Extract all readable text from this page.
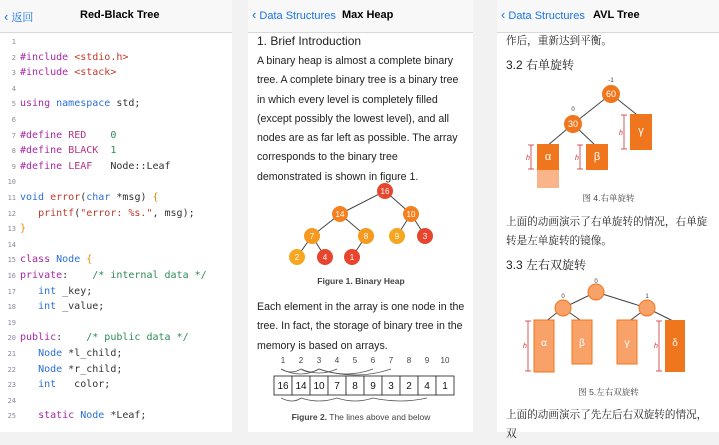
‹ 返回	Red-Black Tree
1
2 #include <stdio.h>
3 #include <stack>
4
5 using namespace std;
6
7 #define RED 0
8 #define BLACK 1
9 #define LEAF   Node::Leaf
10
11 void error(char *msg) {
12	printf("error: %s.", msg);
13 }
14
15 class Node {
16 private:    /* internal data */
17	int _key;
18	int _value;
19
20 public:    /* public data */
21	Node *l_child;
22	Node *r_child;
23	int   color;
24
25	static Node *Leaf;
‹ Data Structures Max Heap
1. Brief Introduction
A binary heap is almost a complete binary tree. A complete binary tree is a binary tree in which every level is completely filled (except possibly the lowest level), and all nodes are as far left as possible. The array corresponds to the binary tree demonstrated is shown in figure 1.
16
14	10
7	8	9	3
2	4	1
Figure 1. Binary Heap
Each element in the array is one node in the tree. In fact, the storage of binary tree in the memory is based on arrays.
1 2 3 4 5 6 7 8 9 10
16 14 10 7 8 9 3 2 4 1
Figure 2. The lines above and below
‹ Data Structures AVL Tree
作后，重新达到平衡。
3.2 右单旋转
h	h
h
α	β
γ
60
30
-1
0
图 4.右单旋转
上面的动画演示了右单旋转的情况，右单旋转是左单旋转的镜像。
3.3 左右双旋转
h	h
α	β	γ	δ
0
0	1
图 5.左右双旋转
上面的动画演示了先左后右双旋转的情况，双
